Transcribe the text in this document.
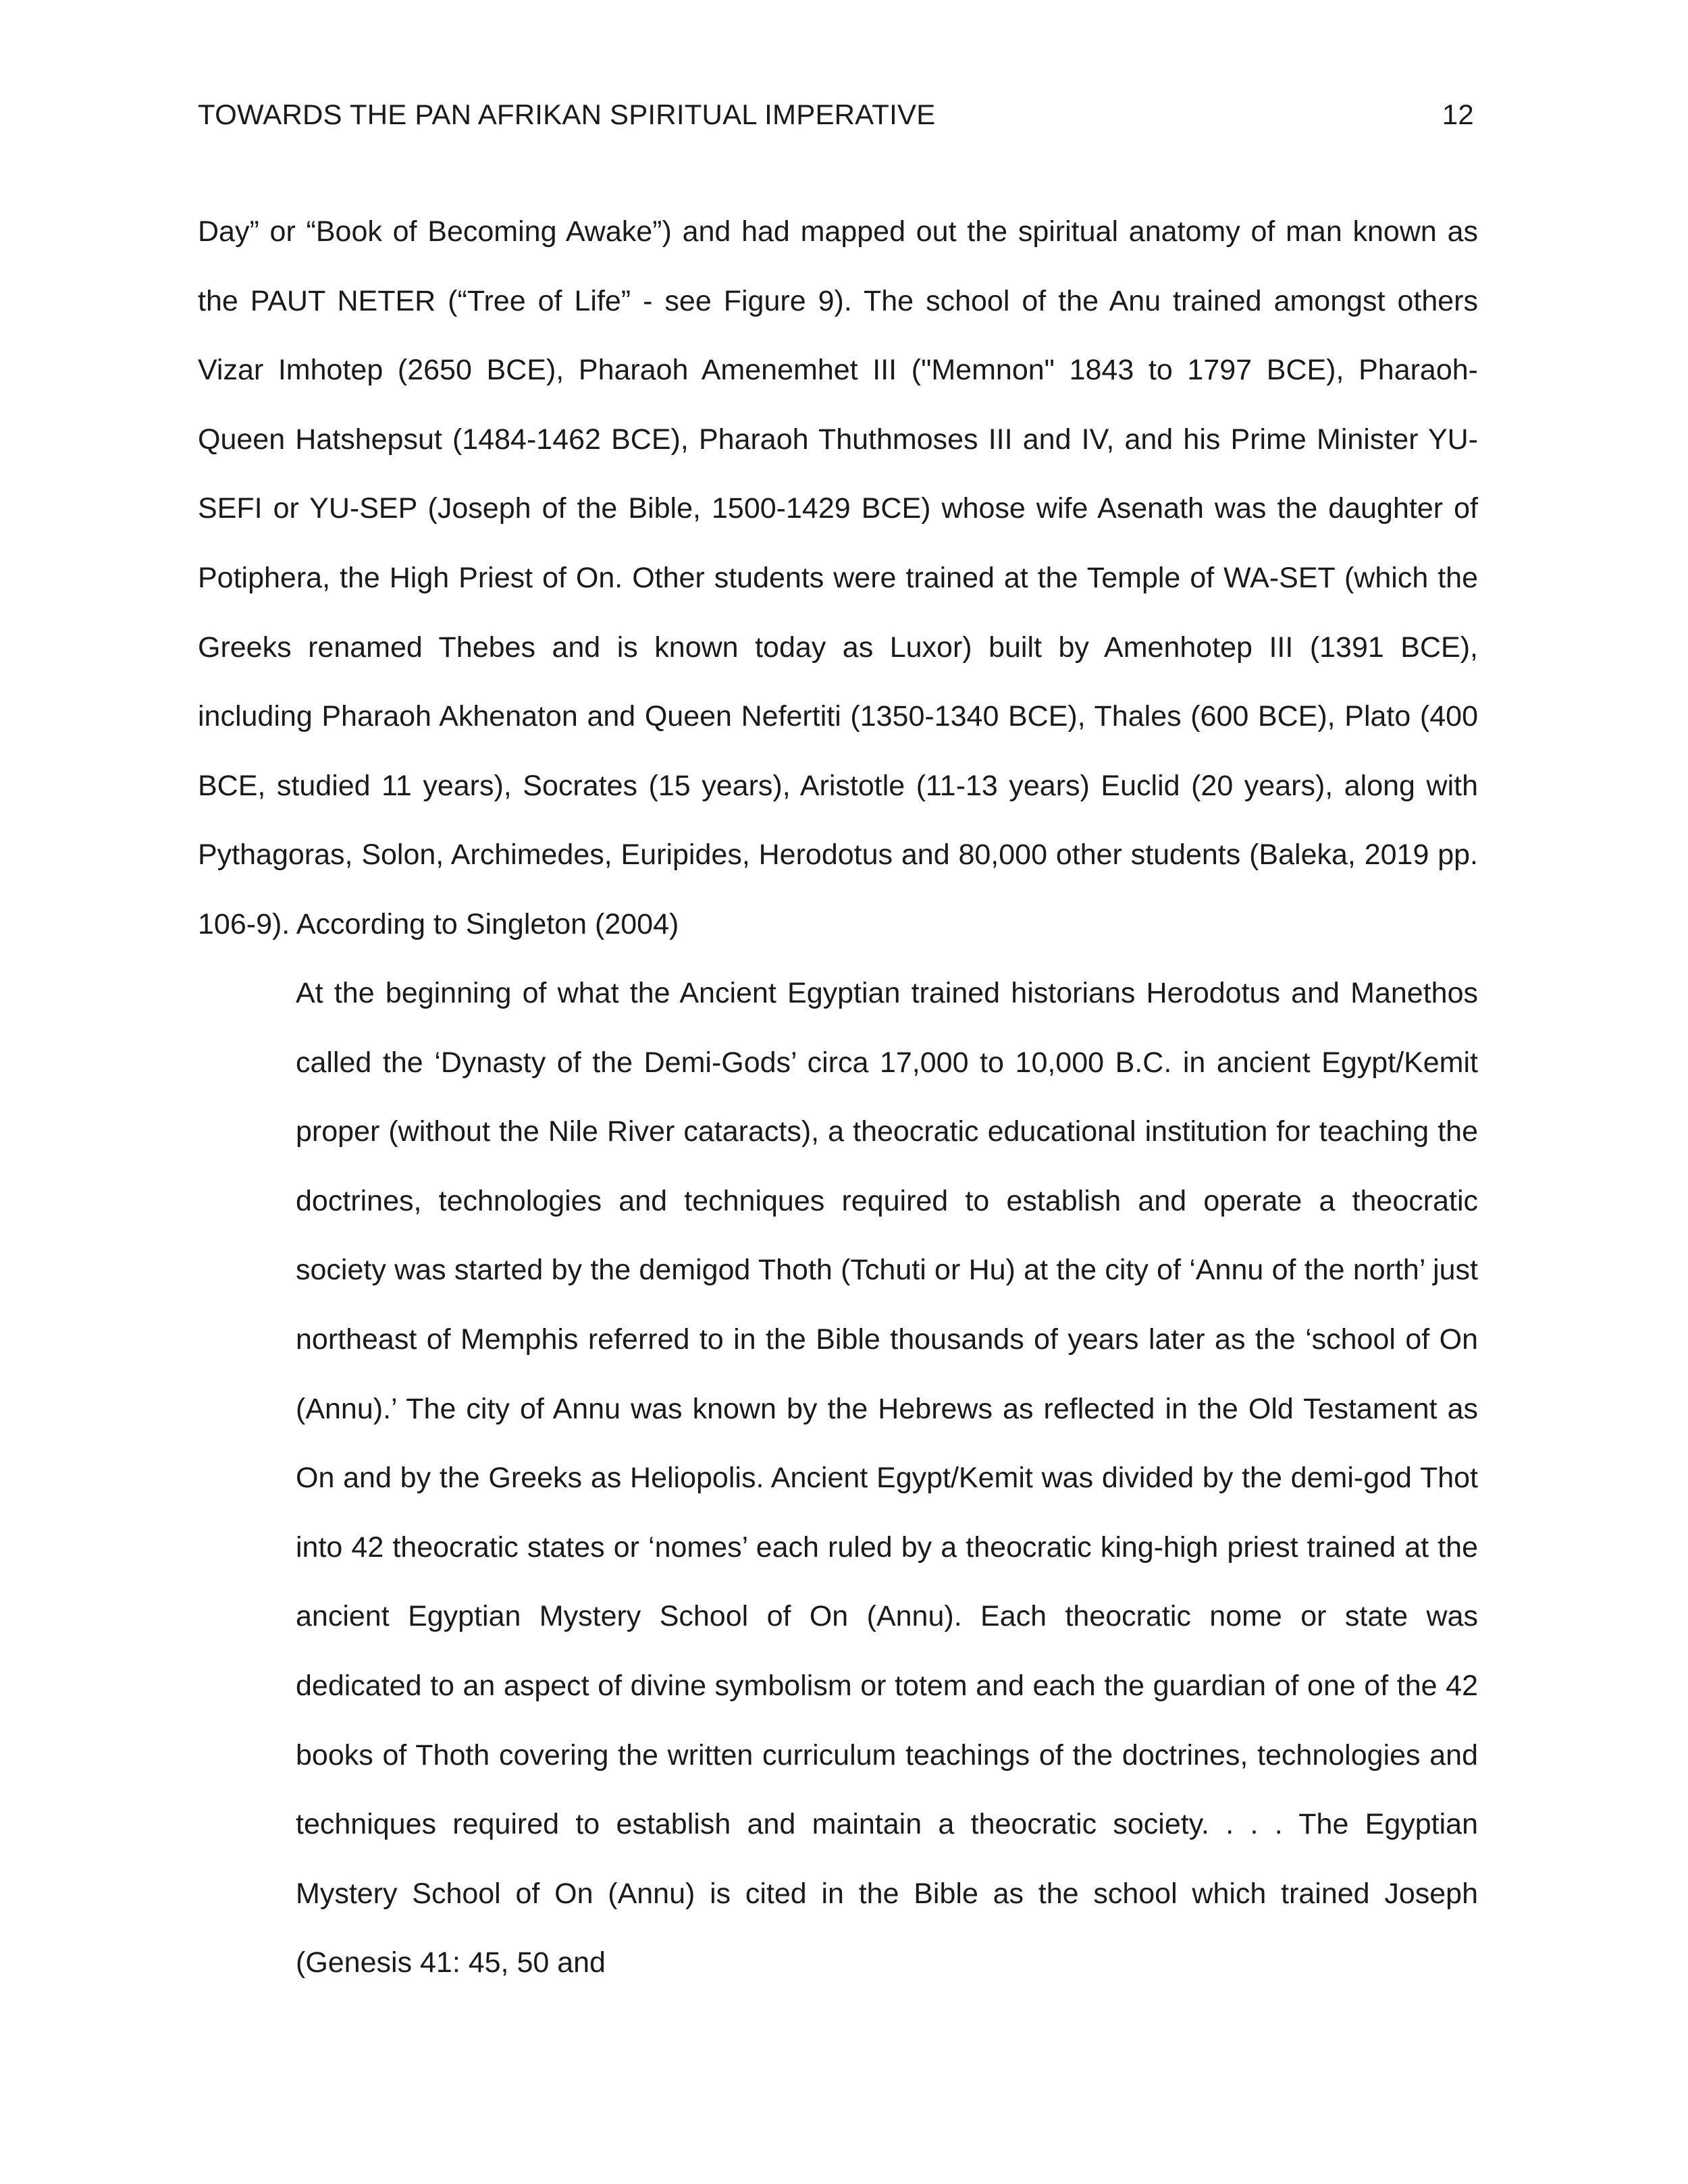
TOWARDS THE PAN AFRIKAN SPIRITUAL IMPERATIVE	12

Day” or “Book of Becoming Awake”) and had mapped out the spiritual anatomy of man known as the PAUT NETER (“Tree of Life” - see Figure 9). The school of the Anu trained amongst others Vizar Imhotep (2650 BCE), Pharaoh Amenemhet III ("Memnon" 1843 to 1797 BCE), Pharaoh-Queen Hatshepsut (1484-1462 BCE), Pharaoh Thuthmoses III and IV, and his Prime Minister YU-SEFI or YU-SEP (Joseph of the Bible, 1500-1429 BCE) whose wife Asenath was the daughter of Potiphera, the High Priest of On. Other students were trained at the Temple of WA-SET (which the Greeks renamed Thebes and is known today as Luxor) built by Amenhotep III (1391 BCE), including Pharaoh Akhenaton and Queen Nefertiti (1350-1340 BCE), Thales (600 BCE), Plato (400 BCE, studied 11 years), Socrates (15 years), Aristotle (11-13 years) Euclid (20 years), along with Pythagoras, Solon, Archimedes, Euripides, Herodotus and 80,000 other students (Baleka, 2019 pp. 106-9). According to Singleton (2004)

At the beginning of what the Ancient Egyptian trained historians Herodotus and Manethos called the ‘Dynasty of the Demi-Gods’ circa 17,000 to 10,000 B.C. in ancient Egypt/Kemit proper (without the Nile River cataracts), a theocratic educational institution for teaching the doctrines, technologies and techniques required to establish and operate a theocratic society was started by the demigod Thoth (Tchuti or Hu) at the city of ‘Annu of the north’ just northeast of Memphis referred to in the Bible thousands of years later as the ‘school of On (Annu).’ The city of Annu was known by the Hebrews as reflected in the Old Testament as On and by the Greeks as Heliopolis. Ancient Egypt/Kemit was divided by the demi-god Thot into 42 theocratic states or ‘nomes’ each ruled by a theocratic king-high priest trained at the ancient Egyptian Mystery School of On (Annu). Each theocratic nome or state was dedicated to an aspect of divine symbolism or totem and each the guardian of one of the 42 books of Thoth covering the written curriculum teachings of the doctrines, technologies and techniques required to establish and maintain a theocratic society. . . . The Egyptian Mystery School of On (Annu) is cited in the Bible as the school which trained Joseph (Genesis 41: 45, 50 and
